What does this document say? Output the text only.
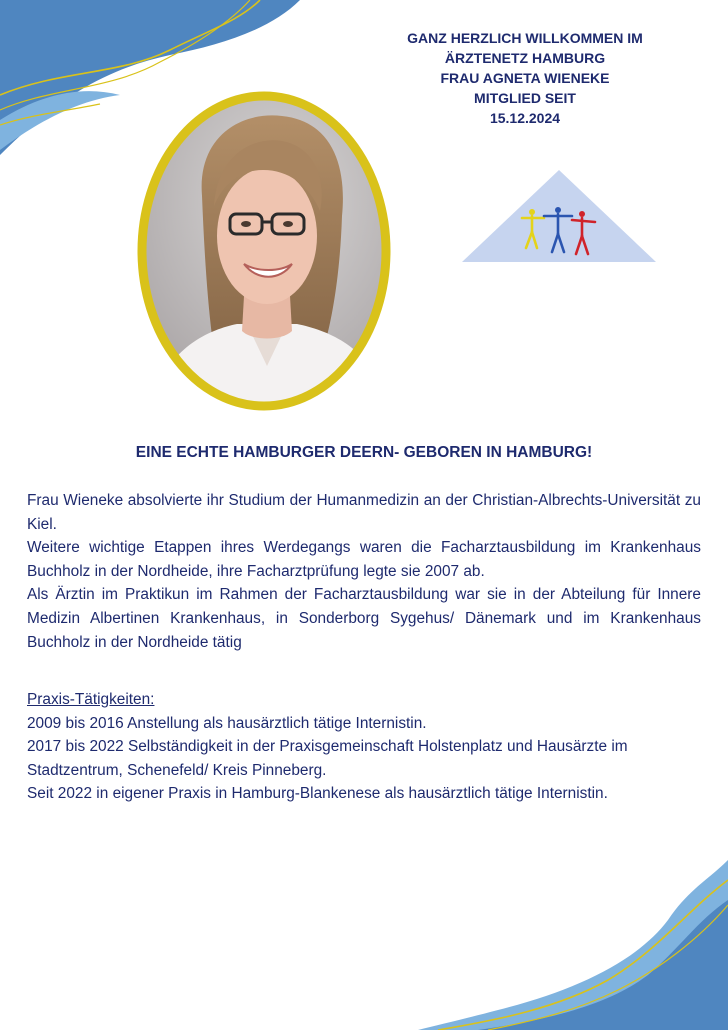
GANZ HERZLICH WILLKOMMEN IM
ÄRZTENETZ HAMBURG
FRAU AGNETA WIENEKE
MITGLIED SEIT
15.12.2024
EINE ECHTE HAMBURGER DEERN- GEBOREN IN HAMBURG!

Frau Wieneke absolvierte ihr Studium der Humanmedizin an der Christian-Albrechts-Universität zu Kiel.

Weitere wichtige Etappen ihres Werdegangs waren die Facharztausbildung im Krankenhaus Buchholz in der Nordheide, ihre Facharztprüfung legte sie 2007 ab.

Als Ärztin im Praktikun im Rahmen der Facharztausbildung war sie in der Abteilung für Innere Medizin Albertinen Krankenhaus, in Sonderborg Sygehus/ Dänemark und im Krankenhaus Buchholz in der Nordheide tätig

Praxis-Tätigkeiten:

2009 bis 2016 Anstellung als hausärztlich tätige Internistin.

2017 bis 2022 Selbständigkeit in der Praxisgemeinschaft Holstenplatz und Hausärzte im Stadtzentrum, Schenefeld/ Kreis Pinneberg.

Seit 2022 in eigener Praxis in Hamburg-Blankenese als hausärztlich tätige Internistin.
